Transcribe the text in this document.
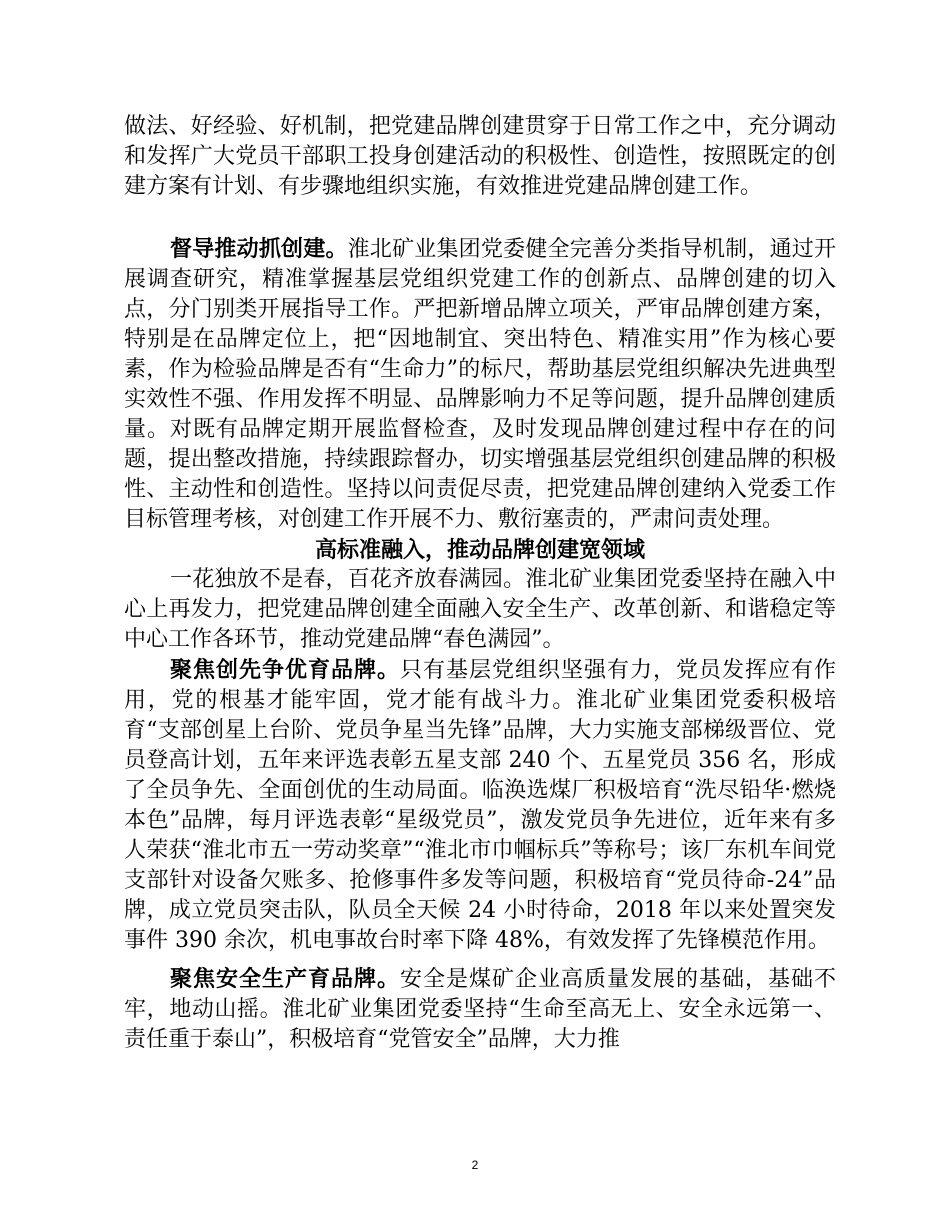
做法、好经验、好机制，把党建品牌创建贯穿于日常工作之中，充分调动和发挥广大党员干部职工投身创建活动的积极性、创造性，按照既定的创建方案有计划、有步骤地组织实施，有效推进党建品牌创建工作。

督导推动抓创建。淮北矿业集团党委健全完善分类指导机制，通过开展调查研究，精准掌握基层党组织党建工作的创新点、品牌创建的切入点，分门别类开展指导工作。严把新增品牌立项关，严审品牌创建方案，特别是在品牌定位上，把“因地制宜、突出特色、精准实用”作为核心要素，作为检验品牌是否有“生命力”的标尺，帮助基层党组织解决先进典型实效性不强、作用发挥不明显、品牌影响力不足等问题，提升品牌创建质量。对既有品牌定期开展监督检查，及时发现品牌创建过程中存在的问题，提出整改措施，持续跟踪督办，切实增强基层党组织创建品牌的积极性、主动性和创造性。坚持以问责促尽责，把党建品牌创建纳入党委工作目标管理考核，对创建工作开展不力、敷衍塞责的，严肃问责处理。

高标准融入，推动品牌创建宽领域

一花独放不是春，百花齐放春满园。淮北矿业集团党委坚持在融入中心上再发力，把党建品牌创建全面融入安全生产、改革创新、和谐稳定等中心工作各环节，推动党建品牌“春色满园”。

聚焦创先争优育品牌。只有基层党组织坚强有力，党员发挥应有作用，党的根基才能牢固，党才能有战斗力。淮北矿业集团党委积极培育“支部创星上台阶、党员争星当先锋”品牌，大力实施支部梯级晋位、党员登高计划，五年来评选表彰五星支部 240 个、五星党员 356 名，形成了全员争先、全面创优的生动局面。临涣选煤厂积极培育“洗尽铅华·燃烧本色”品牌，每月评选表彰“星级党员”，激发党员争先进位，近年来有多人荣获“淮北市五一劳动奖章”“淮北市巾帼标兵”等称号；该厂东机车间党支部针对设备欠账多、抢修事件多发等问题，积极培育“党员待命-24”品牌，成立党员突击队，队员全天候 24 小时待命，2018 年以来处置突发事件 390 余次，机电事故台时率下降 48%，有效发挥了先锋模范作用。

聚焦安全生产育品牌。安全是煤矿企业高质量发展的基础，基础不牢，地动山摇。淮北矿业集团党委坚持“生命至高无上、安全永远第一、责任重于泰山”，积极培育“党管安全”品牌，大力推

2
